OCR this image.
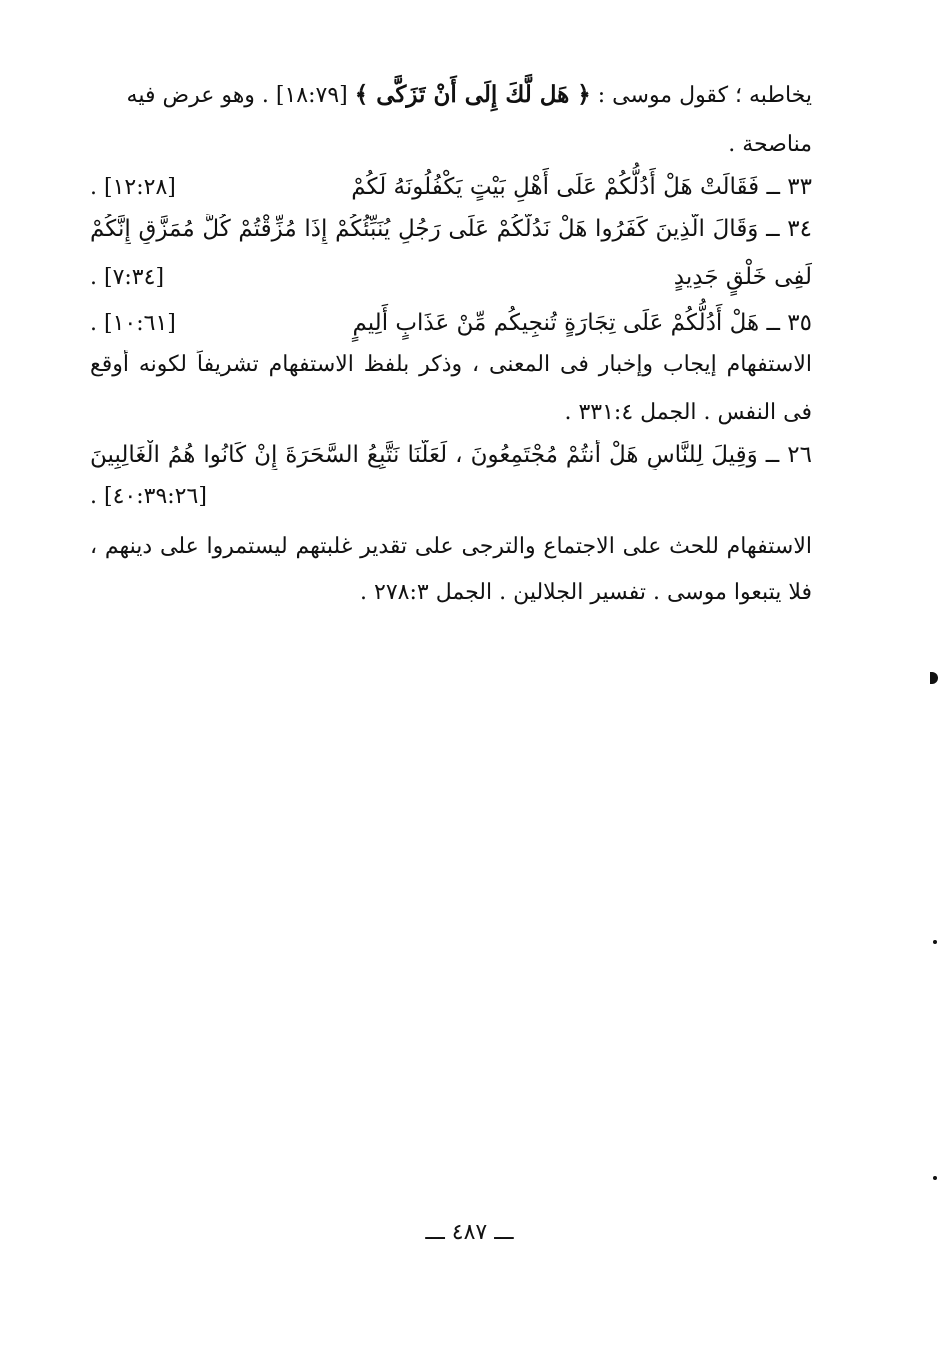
يخاطبه ؛ كقول موسى : ﴿ هَل لَّكَ إِلَى أَنْ تَزَكَّى ﴾ [١٨:٧٩] . وهو عرض فيه
مناصحة .
٣٣ ــ فَقَالَتْ هَلْ أَدُلُّكُمْ عَلَى أَهْلِ بَيْتٍ يَكْفُلُونَهُ لَكُمْ
[١٢:٢٨] .
٣٤ ــ وَقَالَ الَّذِينَ كَفَرُوا هَلْ نَدُلُّكُمْ عَلَى رَجُلٍ يُنَبِّئُكُمْ إِذَا مُزِّقْتُمْ كُلَّ مُمَزَّقٍ إِنَّكُمْ
لَفِى خَلْقٍ جَدِيدٍ
[٧:٣٤] .
٣٥ ــ هَلْ أَدُلُّكُمْ عَلَى تِجَارَةٍ تُنجِيكُم مِّنْ عَذَابٍ أَلِيمٍ
[١٠:٦١] .
الاستفهام إيجاب وإخبار فى المعنى ، وذكر بلفظ الاستفهام تشريفاً لكونه أوقع
فى النفس . الجمل ٣٣١:٤ .
٢٦ ــ وَقِيلَ لِلنَّاسِ هَلْ أَنتُمْ مُجْتَمِعُونَ ، لَعَلَّنَا نَتَّبِعُ السَّحَرَةَ إِنْ كَانُوا هُمُ الْغَالِبِينَ
[٤٠:٣٩:٢٦] .
الاستفهام للحث على الاجتماع والترجى على تقدير غلبتهم ليستمروا على دينهم ،
فلا يتبعوا موسى . تفسير الجلالين . الجمل ٢٧٨:٣ .
ـــ ٤٨٧ ـــ
